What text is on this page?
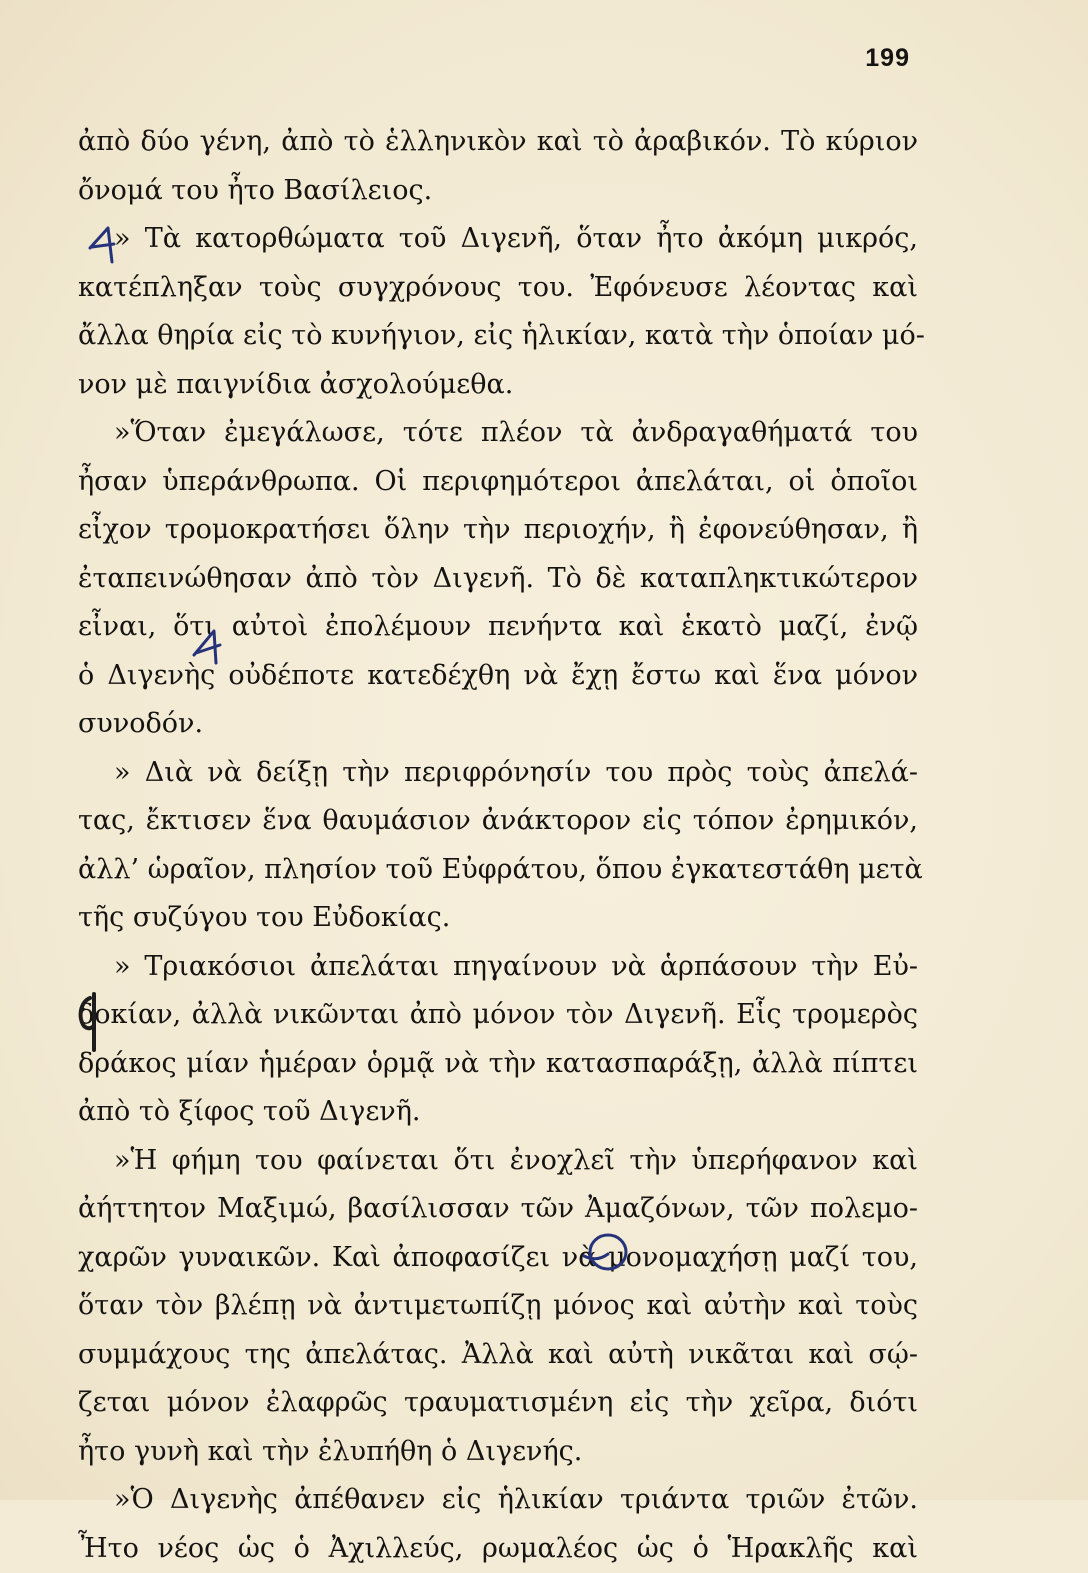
199
ἀπὸ δύο γένη, ἀπὸ τὸ ἑλληνικὸν καὶ τὸ ἀραβικόν. Τὸ κύριον
ὄνομά του ἦτο Βασίλειος.
» Τὰ κατορθώματα τοῦ Διγενῆ, ὅταν ἦτο ἀκόμη μικρός,
κατέπληξαν τοὺς συγχρόνους του. Ἐφόνευσε λέοντας καὶ
ἄλλα θηρία εἰς τὸ κυνήγιον, εἰς ἡλικίαν, κατὰ τὴν ὁποίαν μό-
νον μὲ παιγνίδια ἀσχολούμεθα.
»Ὅταν ἐμεγάλωσε, τότε πλέον τὰ ἀνδραγαθήματά του
ἦσαν ὑπεράνθρωπα. Οἱ περιφημότεροι ἀπελάται, οἱ ὁποῖοι
εἶχον τρομοκρατήσει ὅλην τὴν περιοχήν, ἢ ἐφονεύθησαν, ἢ
ἐταπεινώθησαν ἀπὸ τὸν Διγενῆ. Τὸ δὲ καταπληκτικώτερον
εἶναι, ὅτι αὐτοὶ ἐπολέμουν πενήντα καὶ ἑκατὸ μαζί, ἐνῷ
ὁ Διγενὴς οὐδέποτε κατεδέχθη νὰ ἔχῃ ἔστω καὶ ἕνα μόνον
συνοδόν.
» Διὰ νὰ δείξῃ τὴν περιφρόνησίν του πρὸς τοὺς ἀπελά-
τας, ἔκτισεν ἕνα θαυμάσιον ἀνάκτορον εἰς τόπον ἐρημικόν,
ἀλλ’ ὡραῖον, πλησίον τοῦ Εὐφράτου, ὅπου ἐγκατεστάθη μετὰ
τῆς συζύγου του Εὐδοκίας.
» Τριακόσιοι ἀπελάται πηγαίνουν νὰ ἁρπάσουν τὴν Εὐ-
δοκίαν, ἀλλὰ νικῶνται ἀπὸ μόνον τὸν Διγενῆ. Εἷς τρομερὸς
δράκος μίαν ἡμέραν ὁρμᾷ νὰ τὴν κατασπαράξῃ, ἀλλὰ πίπτει
ἀπὸ τὸ ξίφος τοῦ Διγενῆ.
»Ἡ φήμη του φαίνεται ὅτι ἐνοχλεῖ τὴν ὑπερήφανον καὶ
ἀήττητον Μαξιμώ, βασίλισσαν τῶν Ἀμαζόνων, τῶν πολεμο-
χαρῶν γυναικῶν. Καὶ ἀποφασίζει νὰ μονομαχήσῃ μαζί του,
ὅταν τὸν βλέπῃ νὰ ἀντιμετωπίζῃ μόνος καὶ αὐτὴν καὶ τοὺς
συμμάχους της ἀπελάτας. Ἀλλὰ καὶ αὐτὴ νικᾶται καὶ σῴ-
ζεται μόνον ἐλαφρῶς τραυματισμένη εἰς τὴν χεῖρα, διότι
ἦτο γυνὴ καὶ τὴν ἐλυπήθη ὁ Διγενής.
»Ὁ Διγενὴς ἀπέθανεν εἰς ἡλικίαν τριάντα τριῶν ἐτῶν.
Ἦτο νέος ὡς ὁ Ἀχιλλεύς, ρωμαλέος ὡς ὁ Ἡρακλῆς καὶ
